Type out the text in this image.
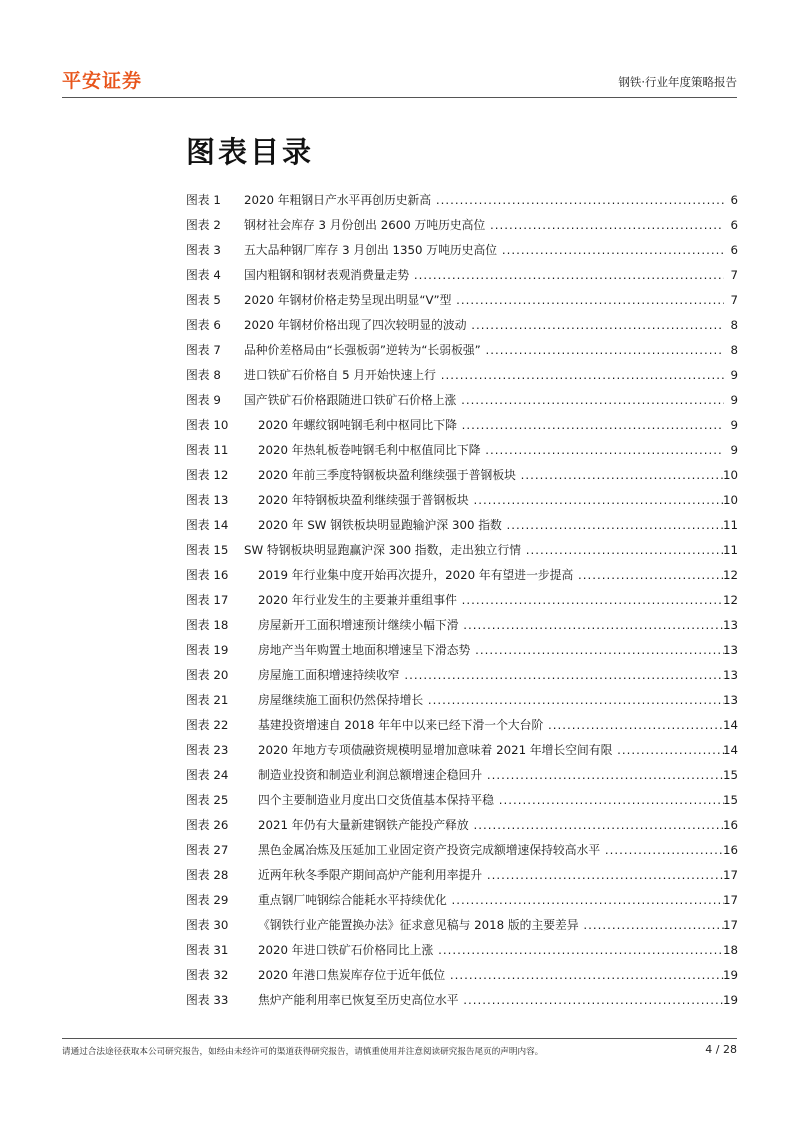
平安证券	钢铁·行业年度策略报告
图表目录
图表 1 2020 年粗钢日产水平再创历史新高 .....	6
图表 2 钢材社会库存 3 月份创出 2600 万吨历史高位 .....	6
图表 3 五大品种钢厂库存 3 月创出 1350 万吨历史高位 .....	6
图表 4 国内粗钢和钢材表观消费量走势 .....	7
图表 5 2020 年钢材价格走势呈现出明显“V”型 .....	7
图表 6 2020 年钢材价格出现了四次较明显的波动 .....	8
图表 7 品种价差格局由“长强板弱”逆转为“长弱板强” .....	8
图表 8 进口铁矿石价格自 5 月开始快速上行 .....	9
图表 9 国产铁矿石价格跟随进口铁矿石价格上涨 .....	9
图表 10	2020 年螺纹钢吨钢毛利中枢同比下降 .....	9
图表 11	2020 年热轧板卷吨钢毛利中枢值同比下降 .....	9
图表 12	2020 年前三季度特钢板块盈利继续强于普钢板块 .....	10
图表 13	2020 年特钢板块盈利继续强于普钢板块 .....	10
图表 14	2020 年 SW 钢铁板块明显跑输沪深 300 指数 .....	11
图表 15 SW 特钢板块明显跑赢沪深 300 指数，走出独立行情 .....	11
图表 16	2019 年行业集中度开始再次提升，2020 年有望进一步提高 .....	12
图表 17	2020 年行业发生的主要兼并重组事件 .....	12
图表 18	房屋新开工面积增速预计继续小幅下滑 .....	13
图表 19	房地产当年购置土地面积增速呈下滑态势 .....	13
图表 20	房屋施工面积增速持续收窄 .....	13
图表 21	房屋继续施工面积仍然保持增长 .....	13
图表 22	基建投资增速自 2018 年年中以来已经下滑一个大台阶 .....	14
图表 23	2020 年地方专项债融资规模明显增加意味着 2021 年增长空间有限 .....	14
图表 24	制造业投资和制造业利润总额增速企稳回升 .....	15
图表 25	四个主要制造业月度出口交货值基本保持平稳 .....	15
图表 26	2021 年仍有大量新建钢铁产能投产释放 .....	16
图表 27	黑色金属冶炼及压延加工业固定资产投资完成额增速保持较高水平 .....	16
图表 28	近两年秋冬季限产期间高炉产能利用率提升 .....	17
图表 29	重点钢厂吨钢综合能耗水平持续优化 .....	17
图表 30	《钢铁行业产能置换办法》征求意见稿与 2018 版的主要差异 .....	17
图表 31	2020 年进口铁矿石价格同比上涨 .....	18
图表 32	2020 年港口焦炭库存位于近年低位 .....	19
图表 33	焦炉产能利用率已恢复至历史高位水平 .....	19
请通过合法途径获取本公司研究报告，如经由未经许可的渠道获得研究报告，请慎重使用并注意阅读研究报告尾页的声明内容。	4 / 28
